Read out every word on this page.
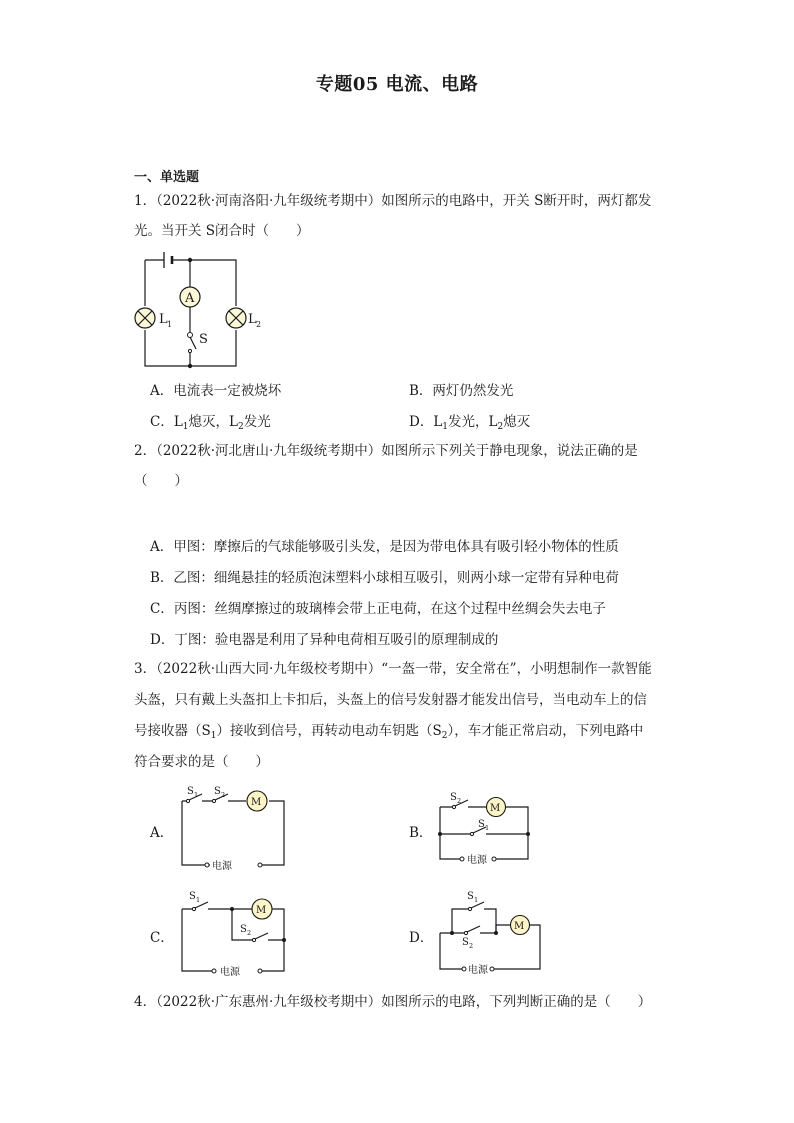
专题05 电流、电路
一、单选题
1．（2022秋·河南洛阳·九年级统考期中）如图所示的电路中，开关 S断开时，两灯都发
光。当开关 S闭合时（　　）
A
S
L 1	L 2
A．电流表一定被烧坏	B．两灯仍然发光
C．$L_1$熄灭，$L_2$发光	D．$L_1$发光，$L_2$熄灭
2．（2022秋·河北唐山·九年级统考期中）如图所示下列关于静电现象，说法正确的是
（　　）
A．甲图：摩擦后的气球能够吸引头发，是因为带电体具有吸引轻小物体的性质
B．乙图：细绳悬挂的轻质泡沫塑料小球相互吸引，则两小球一定带有异种电荷
C．丙图：丝绸摩擦过的玻璃棒会带上正电荷，在这个过程中丝绸会失去电子
D．丁图：验电器是利用了异种电荷相互吸引的原理制成的
3．（2022秋·山西大同·九年级校考期中）“一盔一带，安全常在”，小明想制作一款智能
头盔，只有戴上头盔扣上卡扣后，头盔上的信号发射器才能发出信号，当电动车上的信
号接收器$(S_1)$接收到信号，再转动电动车钥匙$(S_2)$，车才能正常启动，下列电路中
符合要求的是（　　）
A．
S 1 S 2
M
电源
B．
S 2
M
S 1
电源
C．
S 1
M
S 2
电源
D．
S 1
S 2
M
电源
4．（2022秋·广东惠州·九年级校考期中）如图所示的电路，下列判断正确的是（　　）
